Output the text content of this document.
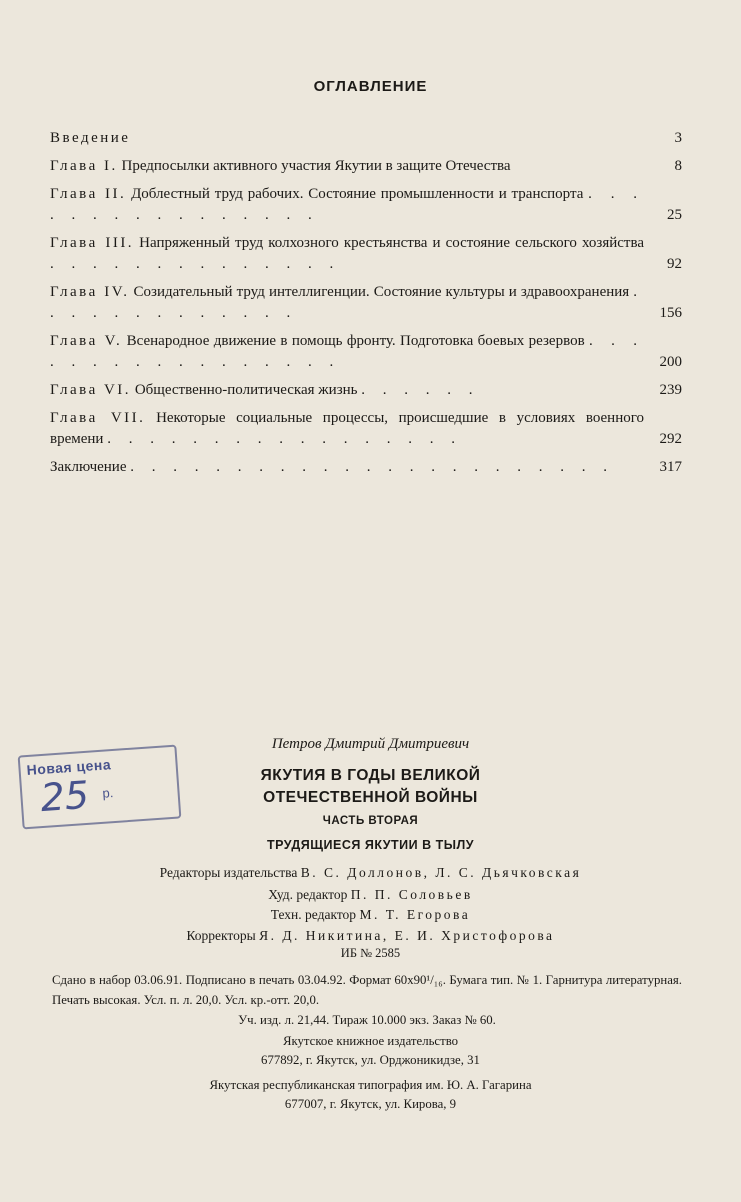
ОГЛАВЛЕНИЕ
Введение	3
Глава I. Предпосылки активного участия Якутии в защите Отечества	8
Глава II. Доблестный труд рабочих. Состояние промышленности и транспорта . . . . . . . . . . . . . . . .	25
Глава III. Напряженный труд колхозного крестьянства и состояние сельского хозяйства . . . . . . . . . . . . . .	92
Глава IV. Созидательный труд интеллигенции. Состояние культуры и здравоохранения . . . . . . . . . . . . .	156
Глава V. Всенародное движение в помощь фронту. Подготовка боевых резервов . . . . . . . . . . . . . . . . .	200
Глава VI. Общественно-политическая жизнь . . . . . .	239
Глава VII. Некоторые социальные процессы, происшедшие в условиях военного времени . . . . . . . . . . . . . . . . .	292
Заключение . . . . . . . . . . . . . . . . . . . . . . .	317
Новая цена
25 р.
Петров Дмитрий Дмитриевич
ЯКУТИЯ В ГОДЫ ВЕЛИКОЙ
ОТЕЧЕСТВЕННОЙ ВОЙНЫ
ЧАСТЬ ВТОРАЯ
ТРУДЯЩИЕСЯ ЯКУТИИ В ТЫЛУ
Редакторы издательства В. С. Доллонов, Л. С. Дьячковская
Худ. редактор П. П. Соловьев
Техн. редактор М. Т. Егорова
Корректоры Я. Д. Никитина, Е. И. Христофорова
ИБ № 2585
Сдано в набор 03.06.91. Подписано в печать 03.04.92. Формат 60х90¹/₁₆. Бумага тип. № 1. Гарнитура литературная. Печать высокая. Усл. п. л. 20,0. Усл. кр.-отт. 20,0.
Уч. изд. л. 21,44. Тираж 10.000 экз. Заказ № 60.
Якутское книжное издательство
677892, г. Якутск, ул. Орджоникидзе, 31
Якутская республиканская типография им. Ю. А. Гагарина
677007, г. Якутск, ул. Кирова, 9
